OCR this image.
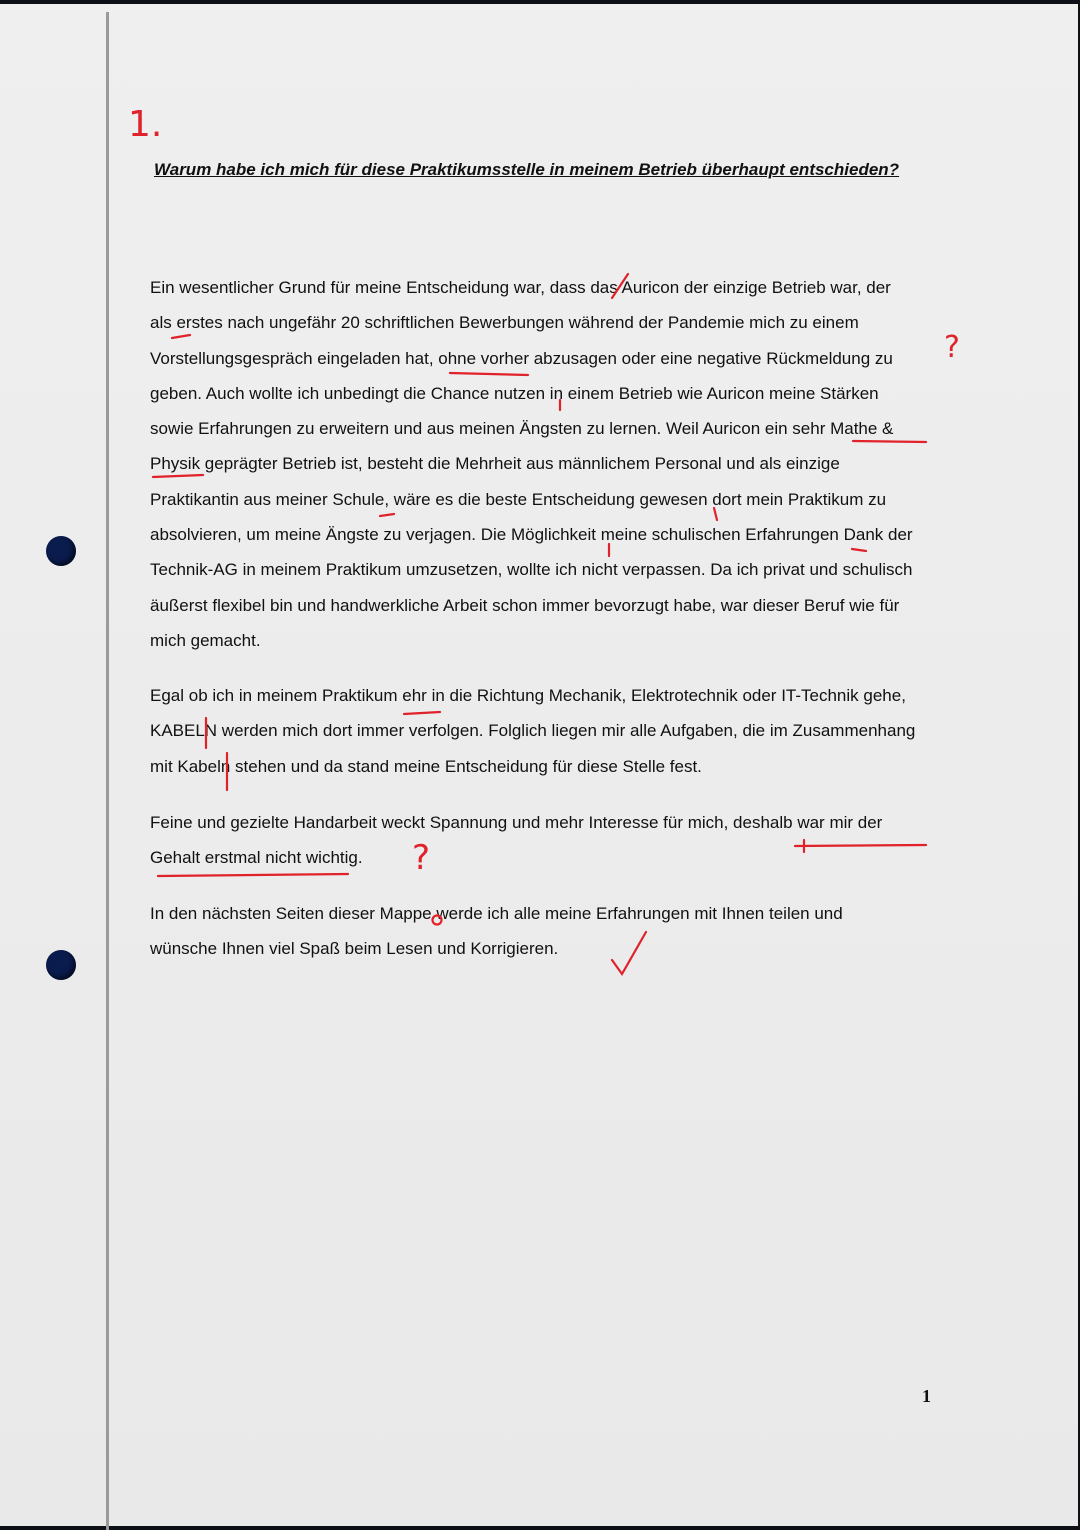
1.
?
?
Warum habe ich mich für diese Praktikumsstelle in meinem Betrieb überhaupt entschieden?
Ein wesentlicher Grund für meine Entscheidung war, dass das Auricon der einzige Betrieb war, der
als erstes nach ungefähr 20 schriftlichen Bewerbungen während der Pandemie mich zu einem
Vorstellungsgespräch eingeladen hat, ohne vorher abzusagen oder eine negative Rückmeldung zu
geben. Auch wollte ich unbedingt die Chance nutzen in einem Betrieb wie Auricon meine Stärken
sowie Erfahrungen zu erweitern und aus meinen Ängsten zu lernen. Weil Auricon ein sehr Mathe &
Physik geprägter Betrieb ist, besteht die Mehrheit aus männlichem Personal und als einzige
Praktikantin aus meiner Schule, wäre es die beste Entscheidung gewesen dort mein Praktikum zu
absolvieren, um meine Ängste zu verjagen. Die Möglichkeit meine schulischen Erfahrungen Dank der
Technik-AG in meinem Praktikum umzusetzen, wollte ich nicht verpassen. Da ich privat und schulisch
äußerst flexibel bin und handwerkliche Arbeit schon immer bevorzugt habe, war dieser Beruf wie für
mich gemacht.
Egal ob ich in meinem Praktikum ehr in die Richtung Mechanik, Elektrotechnik oder IT-Technik gehe,
KABELN werden mich dort immer verfolgen. Folglich liegen mir alle Aufgaben, die im Zusammenhang
mit Kabeln stehen und da stand meine Entscheidung für diese Stelle fest.
Feine und gezielte Handarbeit weckt Spannung und mehr Interesse für mich, deshalb war mir der
Gehalt erstmal nicht wichtig.
In den nächsten Seiten dieser Mappe werde ich alle meine Erfahrungen mit Ihnen teilen und
wünsche Ihnen viel Spaß beim Lesen und Korrigieren.
1
